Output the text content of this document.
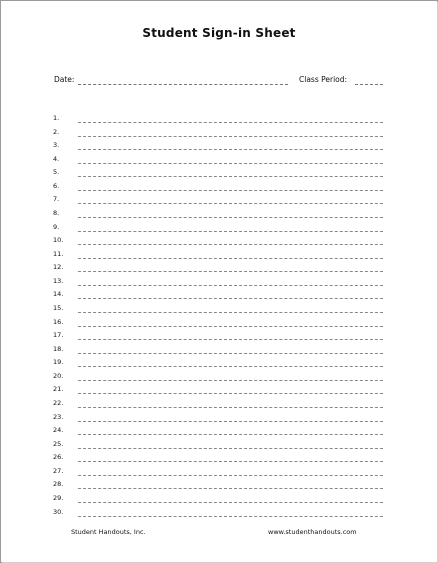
Student Sign-in Sheet
Date:	Class Period:
1.
2.
3.
4.
5.
6.
7.
8.
9.
10.
11.
12.
13.
14.
15.
16.
17.
18.
19.
20.
21.
22.
23.
24.
25.
26.
27.
28.
29.
30.
Student Handouts, Inc.	www.studenthandouts.com
